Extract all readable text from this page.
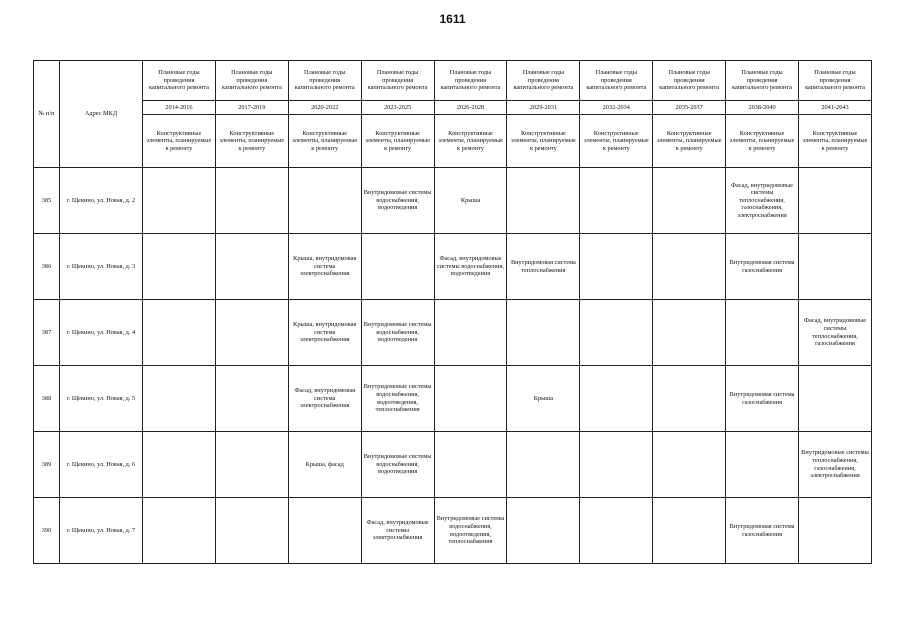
1611
№ п/п	Адрес МКД	Плановые годы проведения капитального ремонта	Плановые годы проведения капитального ремонта	Плановые годы проведения капитального ремонта	Плановые годы проведения капитального ремонта	Плановые годы проведения капитального ремонта	Плановые годы проведения капитального ремонта	Плановые годы проведения капитального ремонта	Плановые годы проведения капитального ремонта	Плановые годы проведения капитального ремонта	Плановые годы проведения капитального ремонта
		2014-2016	2017-2019	2020-2022	2023-2025	2026-2028	2029-2031	2032-2034	2035-2037	2038-2040	2041-2043
		Конструктивные элементы, планируемые к ремонту	Конструктивные элементы, планируемые к ремонту	Конструктивные элементы, планируемые к ремонту	Конструктивные элементы, планируемые к ремонту	Конструктивные элементы, планируемые к ремонту	Конструктивные элементы, планируемые к ремонту	Конструктивные элементы, планируемые к ремонту	Конструктивные элементы, планируемые к ремонту	Конструктивные элементы, планируемые к ремонту	Конструктивные элементы, планируемые к ремонту
385	г. Щекино, ул. Новая, д. 2				Внутридомовые системы водоснабжения, водоотведения	Крыша				Фасад, внутридомовые системы теплоснабжения, газоснабжения, электроснабжения	
386	г. Щекино, ул. Новая, д. 3			Крыша, внутридомовая система электроснабжения		Фасад, внутридомовые системы водоснабжения, водоотведения	Внутридомовая система теплоснабжения			Внутридомовая система газоснабжения	
387	г. Щекино, ул. Новая, д. 4			Крыша, внутридомовая система электроснабжения	Внутридомовые системы водоснабжения, водоотведения						Фасад, внутридомовые системы теплоснабжения, газоснабжения
388	г. Щекино, ул. Новая, д. 5			Фасад, внутридомовая система электроснабжения	Внутридомовые системы водоснабжения, водоотведения, теплоснабжения		Крыша			Внутридомовая система газоснабжения	
389	г. Щекино, ул. Новая, д. 6			Крыша, фасад	Внутридомовые системы водоснабжения, водоотведения						Внутридомовые системы теплоснабжения, газоснабжения, электроснабжения
390	г. Щекино, ул. Новая, д. 7				Фасад, внутридомовые системы электроснабжения	Внутридомовые системы водоснабжения, водоотведения, теплоснабжения				Внутридомовая система газоснабжения	
